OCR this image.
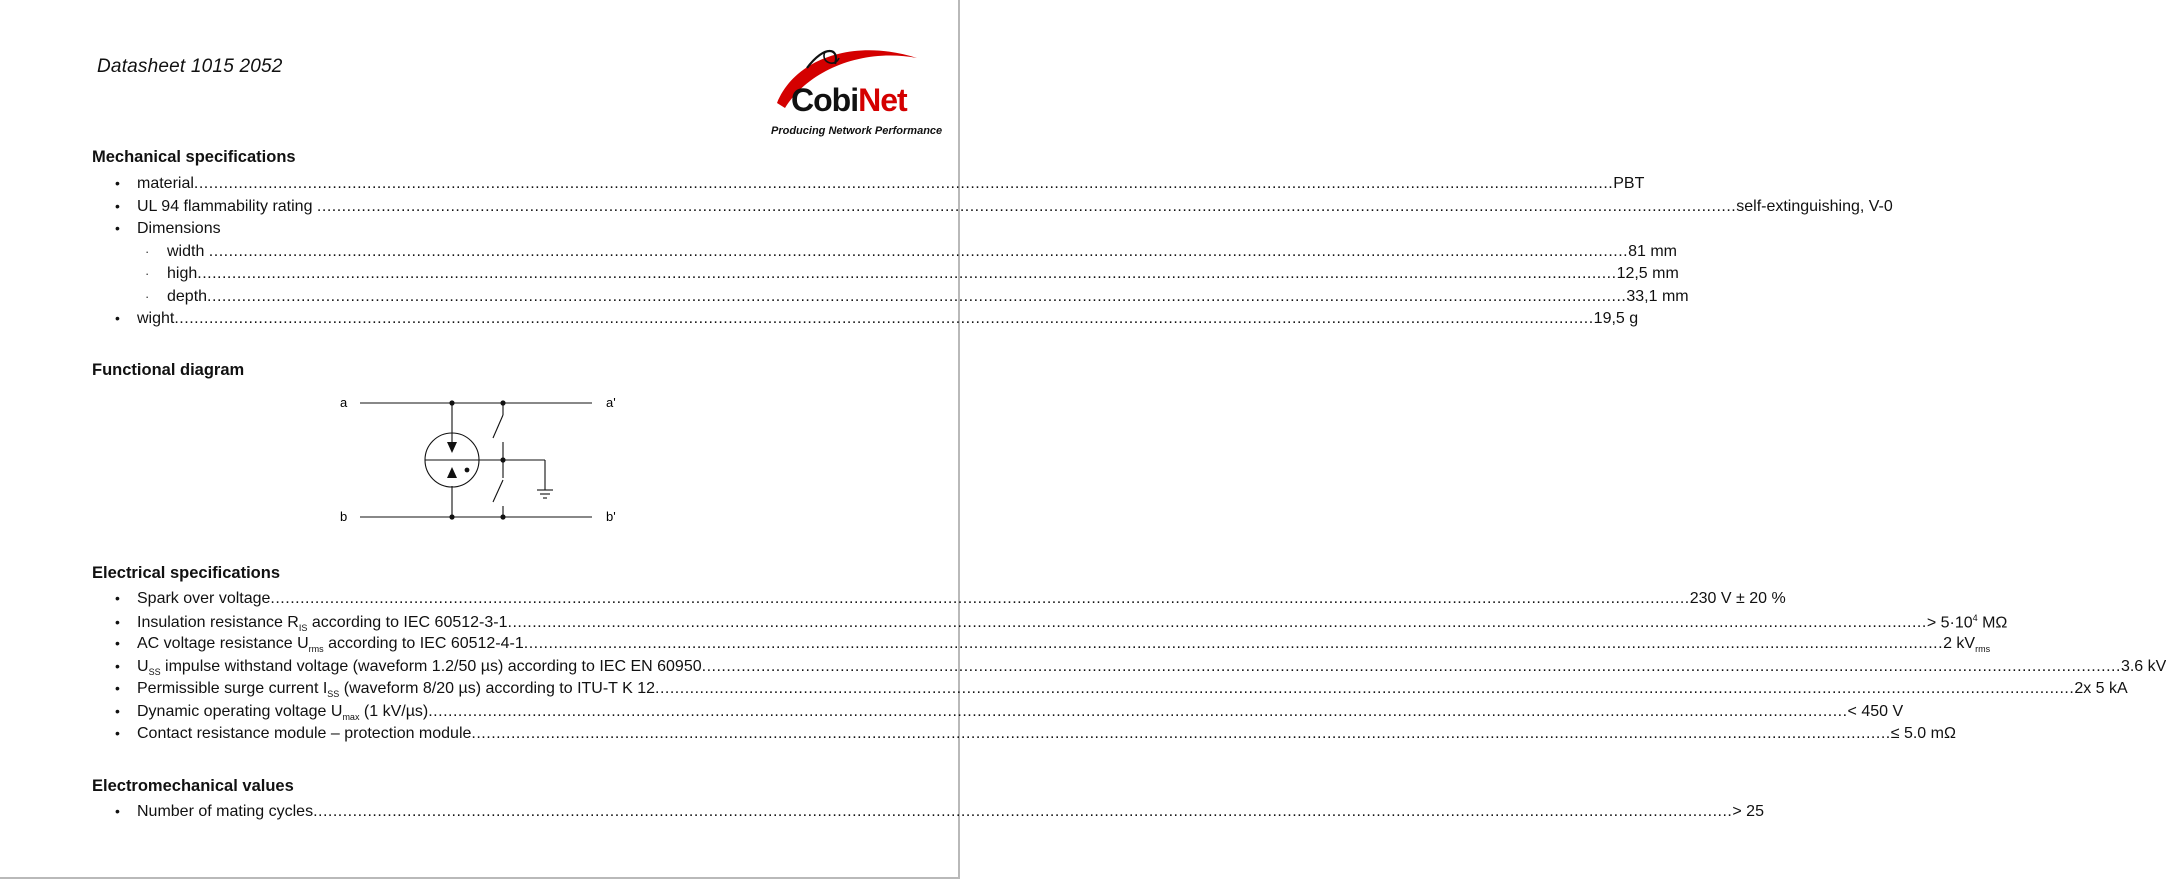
Datasheet 1015 2052
CobiNet
Producing Network Performance
Mechanical specifications
•	material .....	PBT
•	UL 94 flammability rating .....	self-extinguishing, V-0
•	Dimensions
·	width .....	81 mm
·	high .....	12,5 mm
·	depth .....	33,1 mm
•	wight .....	19,5 g
Functional diagram
a	a'
b	b'
Electrical specifications
•	Spark over voltage .....	230 V ± 20 %
•	Insulation resistance $R_{IS}$ according to IEC 60512-3-1 .....	> $5\cdot 10^4$ MΩ
•	AC voltage resistance $U_{rms}$ according to IEC 60512-4-1 .....	2 $kV_{rms}$
•	$U_{SS}$ impulse withstand voltage (waveform 1.2/50 µs) according to IEC EN 60950 .....	3.6 kV
•	Permissible surge current $I_{SS}$ (waveform 8/20 µs) according to ITU-T K 12 .....	2x 5 kA
•	Dynamic operating voltage $U_{max}$ (1 kV/µs) .....	< 450 V
•	Contact resistance module – protection module .....	≤ 5.0 mΩ
Electromechanical values
•	Number of mating cycles .....	> 25
